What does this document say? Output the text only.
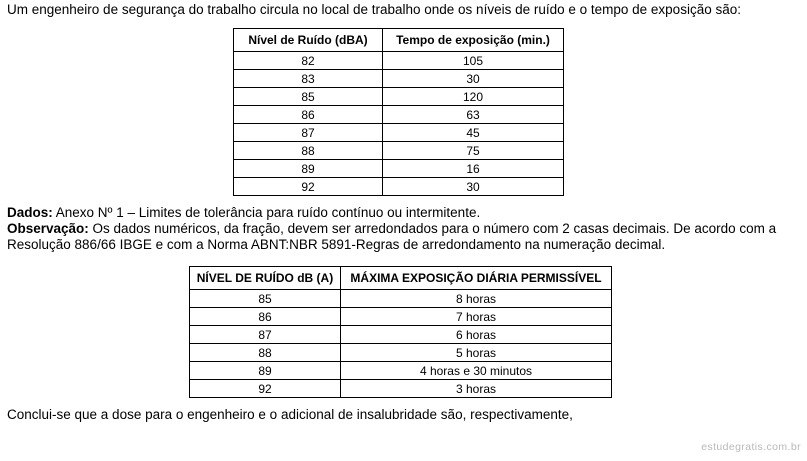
Um engenheiro de segurança do trabalho circula no local de trabalho onde os níveis de ruído e o tempo de exposição são:
Nível de Ruído (dBA)	Tempo de exposição (min.)
82	105
83	30
85	120
86	63
87	45
88	75
89	16
92	30
Dados: Anexo Nº 1 – Limites de tolerância para ruído contínuo ou intermitente.
Observação: Os dados numéricos, da fração, devem ser arredondados para o número com 2 casas decimais. De acordo com a Resolução 886/66 IBGE e com a Norma ABNT:NBR 5891-Regras de arredondamento na numeração decimal.
NÍVEL DE RUÍDO dB (A)	MÁXIMA EXPOSIÇÃO DIÁRIA PERMISSÍVEL
85	8 horas
86	7 horas
87	6 horas
88	5 horas
89	4 horas e 30 minutos
92	3 horas
Conclui-se que a dose para o engenheiro e o adicional de insalubridade são, respectivamente,
estudegratis.com.br
